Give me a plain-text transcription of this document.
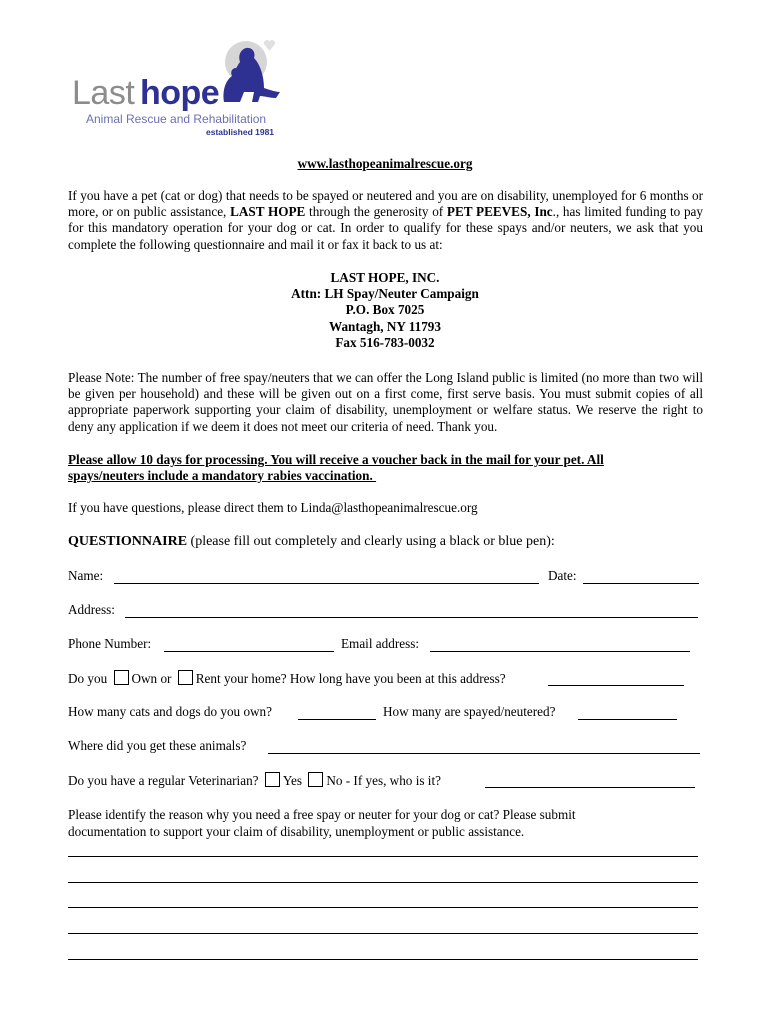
Last hope
Animal Rescue and Rehabilitation
established 1981
www.lasthopeanimalrescue.org
If you have a pet (cat or dog) that needs to be spayed or neutered and you are on disability, unemployed for 6 months or more, or on public assistance, LAST HOPE through the generosity of PET PEEVES, Inc., has limited funding to pay for this mandatory operation for your dog or cat. In order to qualify for these spays and/or neuters, we ask that you complete the following questionnaire and mail it or fax it back to us at:
LAST HOPE, INC.
Attn: LH Spay/Neuter Campaign
P.O. Box 7025
Wantagh, NY 11793
Fax 516-783-0032
Please Note: The number of free spay/neuters that we can offer the Long Island public is limited (no more than two will be given per household) and these will be given out on a first come, first serve basis. You must submit copies of all appropriate paperwork supporting your claim of disability, unemployment or welfare status. We reserve the right to deny any application if we deem it does not meet our criteria of need. Thank you.
Please allow 10 days for processing. You will receive a voucher back in the mail for your pet. All
spays/neuters include a mandatory rabies vaccination.
If you have questions, please direct them to Linda@lasthopeanimalrescue.org
QUESTIONNAIRE (please fill out completely and clearly using a black or blue pen):
Name:	Date:
Address:
Phone Number:	Email address:
Do you Own or Rent your home? How long have you been at this address?
How many cats and dogs do you own?	How many are spayed/neutered?
Where did you get these animals?
Do you have a regular Veterinarian? Yes No - If yes, who is it?
Please identify the reason why you need a free spay or neuter for your dog or cat? Please submit
documentation to support your claim of disability, unemployment or public assistance.
